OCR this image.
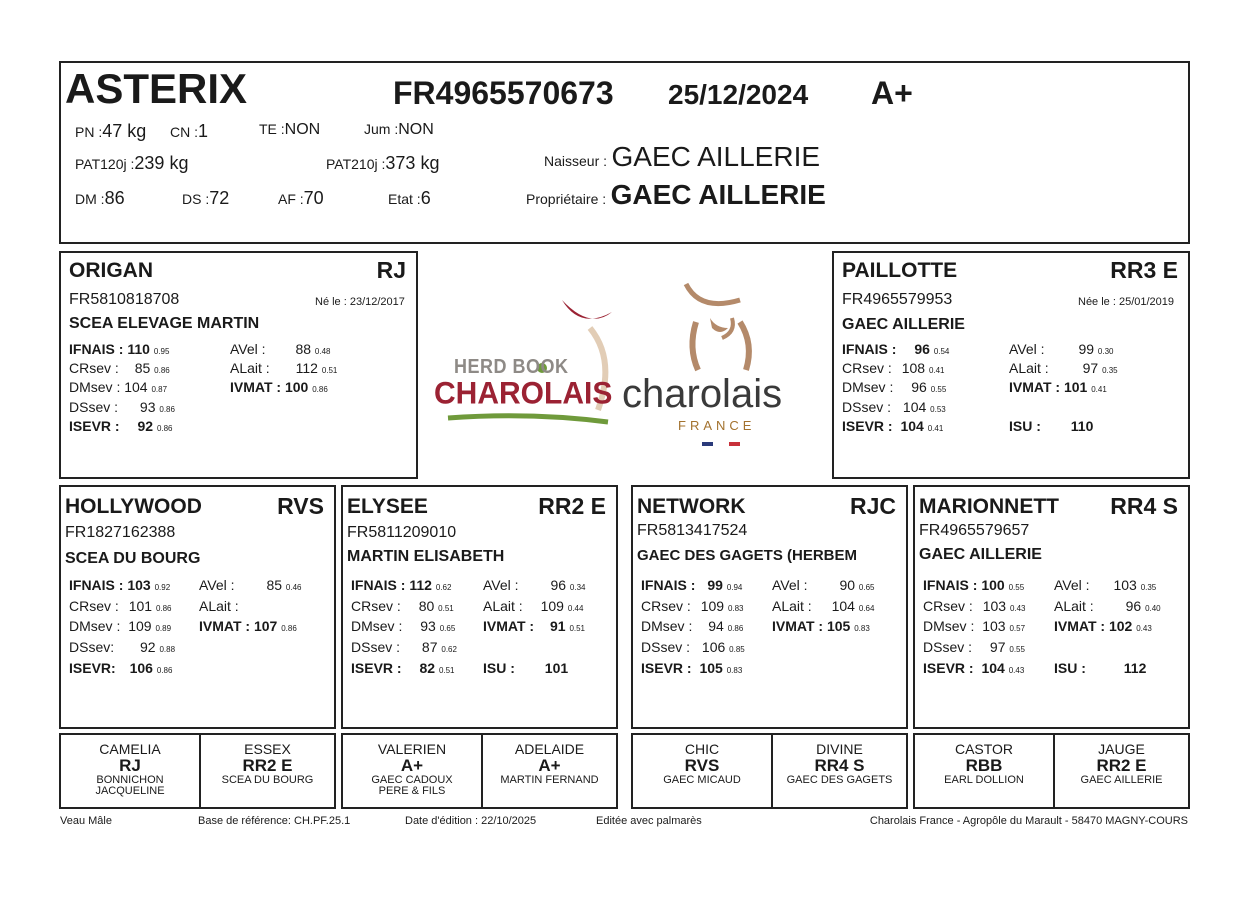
ASTERIX	FR4965570673 25/12/2024 A+
PN :47 kg CN :1	TE :NON	Jum :NON
PAT120j :239 kg	PAT210j :373 kg
DM :86	DS :72	AF :70	Etat :6
Naisseur : GAEC AILLERIE
Propriétaire : GAEC AILLERIE
ORIGAN	RJ
FR5810818708	Né le : 23/12/2017
SCEA ELEVAGE MARTIN
IFNAIS : 110 0.95
CRsev : 85 0.86
DMsev : 104 0.87
DSsev : 93 0.86
ISEVR : 92 0.86
AVel : 88 0.48
ALait : 112 0.51
IVMAT : 100 0.86
HERD BOOK
CHAROLAIS charolais
FRANCE
PAILLOTTE	RR3 E
FR4965579953	Née le : 25/01/2019
GAEC AILLERIE
IFNAIS : 96 0.54
CRsev : 108 0.41
DMsev : 96 0.55
DSsev : 104 0.53
ISEVR : 104 0.41
AVel : 99 0.30
ALait : 97 0.35
IVMAT : 101 0.41
ISU : 110
HOLLYWOOD	RVS
FR1827162388
SCEA DU BOURG
IFNAIS : 103 0.92
CRsev : 101 0.86
DMsev : 109 0.89
DSsev: 92 0.88
ISEVR: 106 0.86
AVel : 85 0.46
ALait :
IVMAT : 107 0.86
ELYSEE	RR2 E
FR5811209010
MARTIN ELISABETH
IFNAIS : 112 0.62
CRsev : 80 0.51
DMsev : 93 0.65
DSsev : 87 0.62
ISEVR : 82 0.51
AVel : 96 0.34
ALait : 109 0.44
IVMAT : 91 0.51
ISU : 101
NETWORK	RJC
FR5813417524
GAEC DES GAGETS (HERBEM
IFNAIS : 99 0.94
CRsev : 109 0.83
DMsev : 94 0.86
DSsev : 106 0.85
ISEVR : 105 0.83
AVel : 90 0.65
ALait : 104 0.64
IVMAT : 105 0.83
MARIONNETT RR4 S
FR4965579657
GAEC AILLERIE
IFNAIS : 100 0.55
CRsev : 103 0.43
DMsev : 103 0.57
DSsev : 97 0.55
ISEVR : 104 0.43
AVel : 103 0.35
ALait : 96 0.40
IVMAT : 102 0.43
ISU :	112
CAMELIA
RJ
BONNICHON
JACQUELINE
ESSEX
RR2 E
SCEA DU BOURG
VALERIEN
A+
GAEC CADOUX
PERE & FILS
ADELAIDE
A+
MARTIN FERNAND
CHIC
RVS
GAEC MICAUD
DIVINE
RR4 S
GAEC DES GAGETS
CASTOR
RBB
EARL DOLLION
JAUGE
RR2 E
GAEC AILLERIE
Veau Mâle	Base de référence: CH.PF.25.1	Date d'édition : 22/10/2025	Editée avec palmarès	Charolais France - Agropôle du Marault - 58470 MAGNY-COURS
